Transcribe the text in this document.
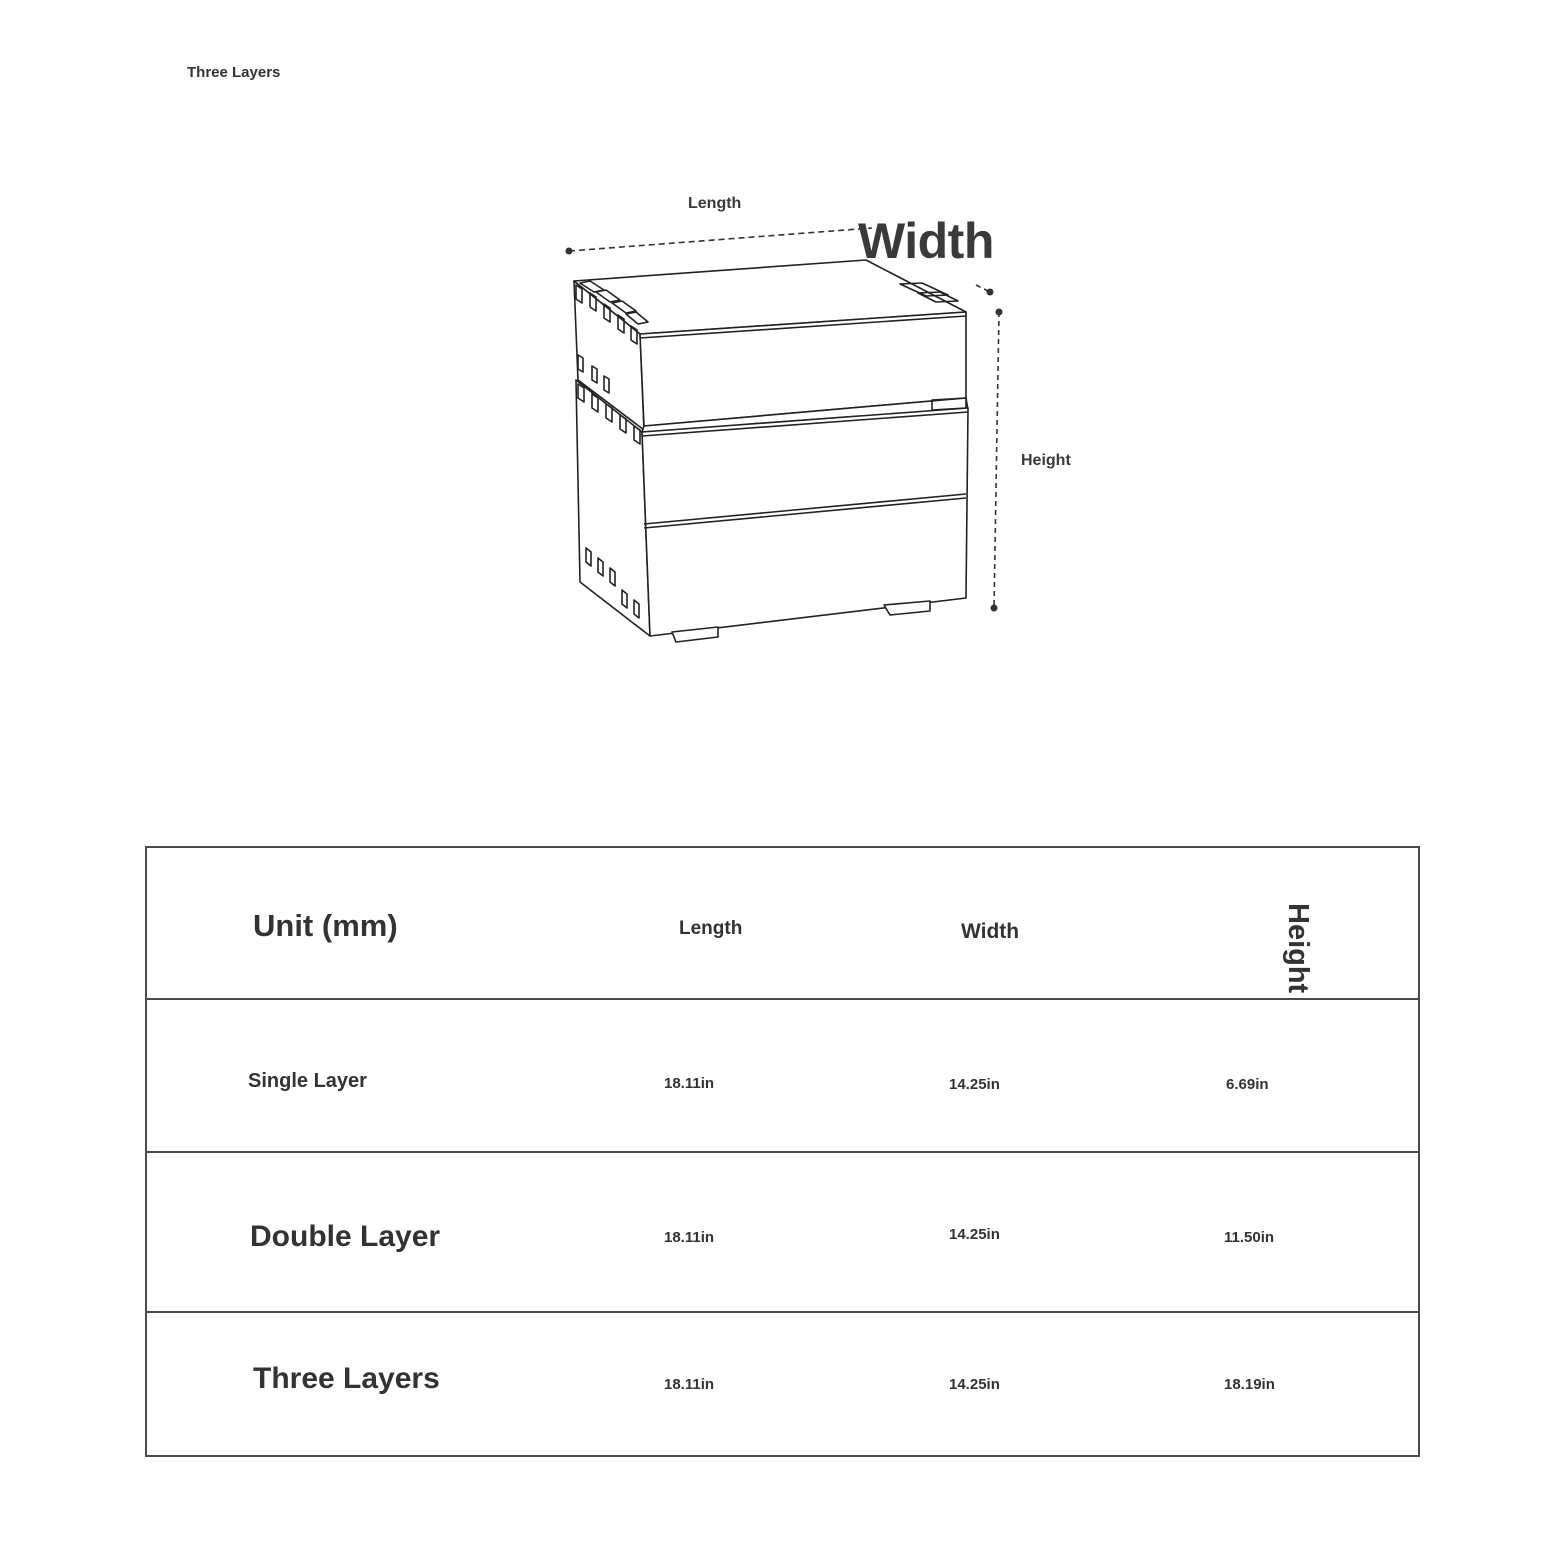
Three Layers
Length
Width
Height
Unit (mm)	Length	Width	Height
Single Layer	18.11in	14.25in	6.69in
Double Layer	18.11in	14.25in	11.50in
Three Layers	18.11in	14.25in	18.19in
